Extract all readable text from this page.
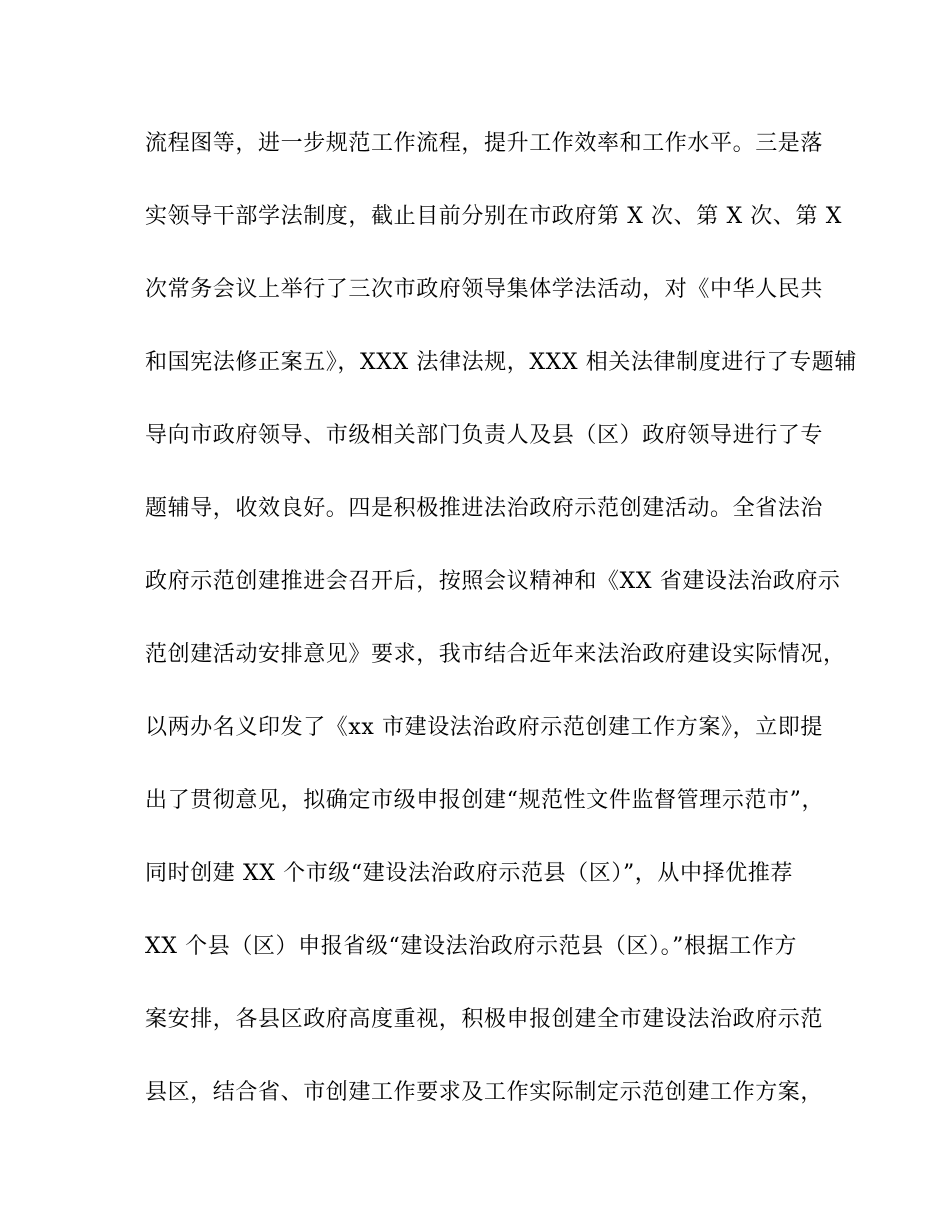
流程图等，进一步规范工作流程，提升工作效率和工作水平。三是落
实领导干部学法制度，截止目前分别在市政府第 X 次、第 X 次、第 X
次常务会议上举行了三次市政府领导集体学法活动，对《中华人民共
和国宪法修正案五》，XXX 法律法规，XXX 相关法律制度进行了专题辅
导向市政府领导、市级相关部门负责人及县（区）政府领导进行了专
题辅导，收效良好。四是积极推进法治政府示范创建活动。全省法治
政府示范创建推进会召开后，按照会议精神和《XX 省建设法治政府示
范创建活动安排意见》要求，我市结合近年来法治政府建设实际情况，
以两办名义印发了《xx 市建设法治政府示范创建工作方案》，立即提
出了贯彻意见，拟确定市级申报创建“规范性文件监督管理示范市”，
同时创建 XX 个市级“建设法治政府示范县（区）”，从中择优推荐
XX 个县（区）申报省级“建设法治政府示范县（区）。”根据工作方
案安排，各县区政府高度重视，积极申报创建全市建设法治政府示范
县区，结合省、市创建工作要求及工作实际制定示范创建工作方案，
